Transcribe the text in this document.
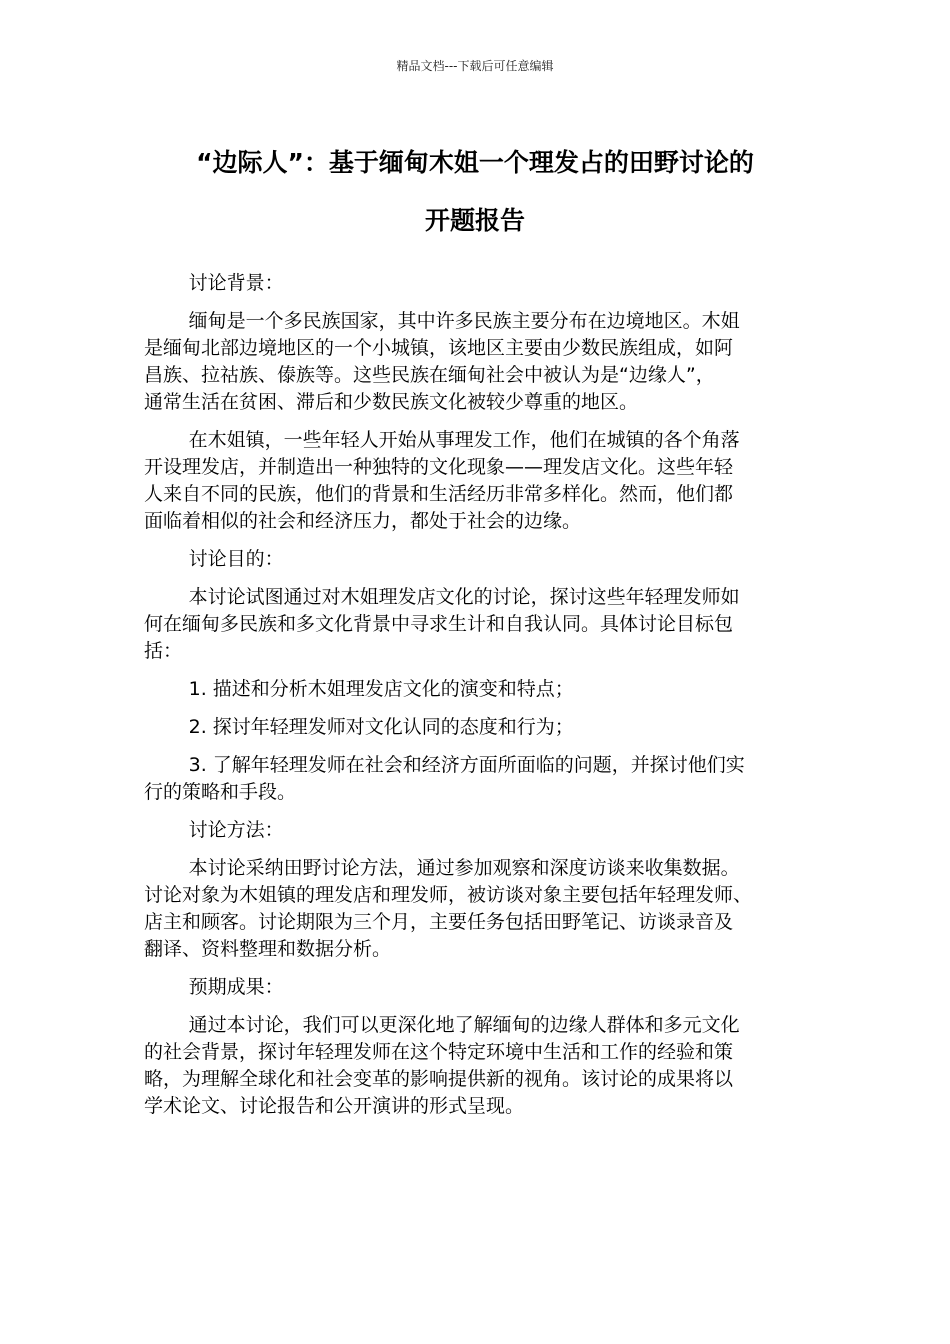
精品文档---下载后可任意编辑
“边际人”：基于缅甸木姐一个理发占的田野讨论的
开题报告

讨论背景：

缅甸是一个多民族国家，其中许多民族主要分布在边境地区。木姐
是缅甸北部边境地区的一个小城镇，该地区主要由少数民族组成，如阿
昌族、拉祜族、傣族等。这些民族在缅甸社会中被认为是“边缘人”，
通常生活在贫困、滞后和少数民族文化被较少尊重的地区。

在木姐镇，一些年轻人开始从事理发工作，他们在城镇的各个角落
开设理发店，并制造出一种独特的文化现象——理发店文化。这些年轻
人来自不同的民族，他们的背景和生活经历非常多样化。然而，他们都
面临着相似的社会和经济压力，都处于社会的边缘。

讨论目的：

本讨论试图通过对木姐理发店文化的讨论，探讨这些年轻理发师如
何在缅甸多民族和多文化背景中寻求生计和自我认同。具体讨论目标包
括：

1. 描述和分析木姐理发店文化的演变和特点；

2. 探讨年轻理发师对文化认同的态度和行为；

3. 了解年轻理发师在社会和经济方面所面临的问题，并探讨他们实
行的策略和手段。

讨论方法：

本讨论采纳田野讨论方法，通过参加观察和深度访谈来收集数据。
讨论对象为木姐镇的理发店和理发师，被访谈对象主要包括年轻理发师、
店主和顾客。讨论期限为三个月，主要任务包括田野笔记、访谈录音及
翻译、资料整理和数据分析。

预期成果：

通过本讨论，我们可以更深化地了解缅甸的边缘人群体和多元文化
的社会背景，探讨年轻理发师在这个特定环境中生活和工作的经验和策
略，为理解全球化和社会变革的影响提供新的视角。该讨论的成果将以
学术论文、讨论报告和公开演讲的形式呈现。
